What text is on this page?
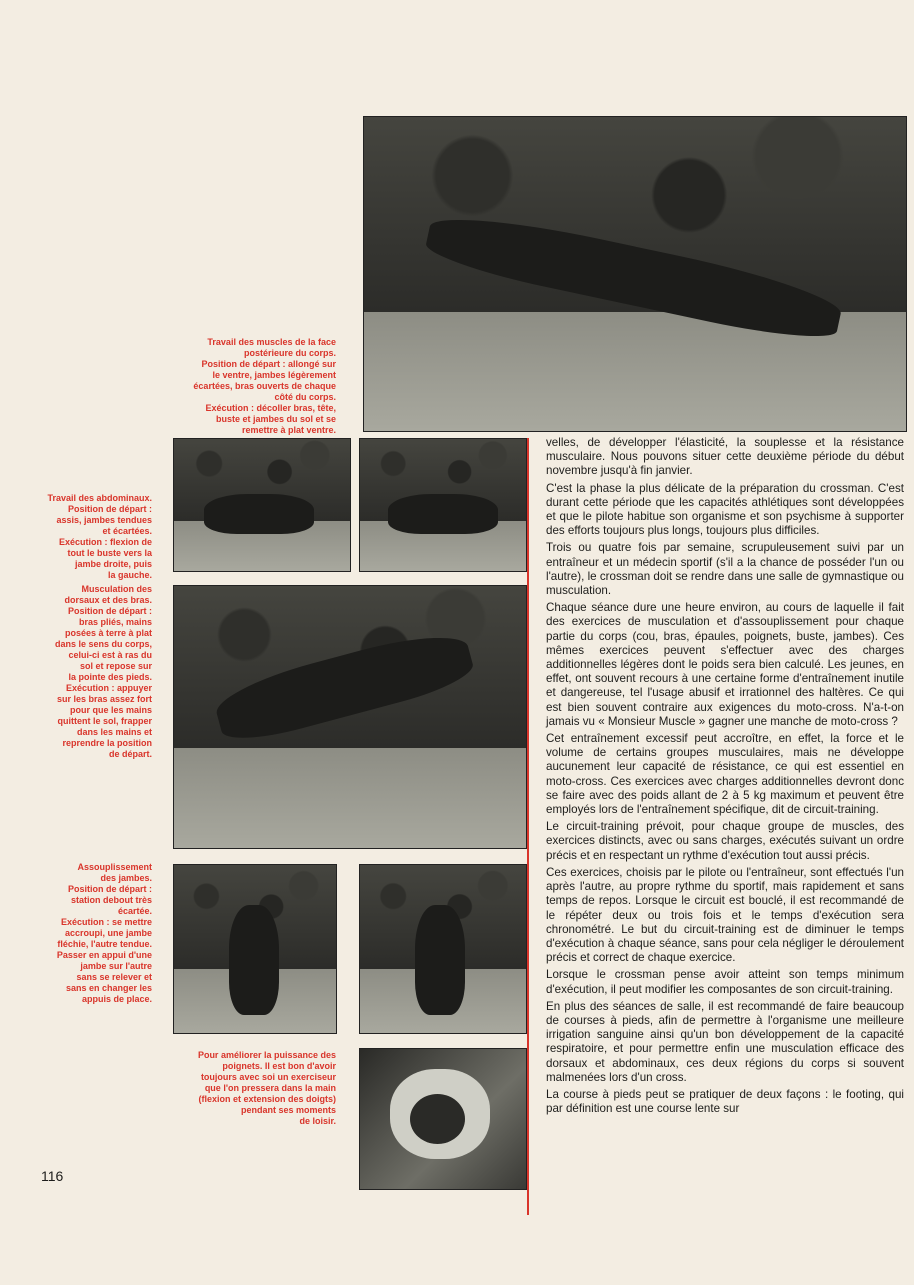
Travail des muscles de la face

postérieure du corps.

Position de départ : allongé sur

le ventre, jambes légèrement

écartées, bras ouverts de chaque

côté du corps.

Exécution : décoller bras, tête,

buste et jambes du sol et se

remettre à plat ventre.

Travail des abdominaux.

Position de départ :

assis, jambes tendues

et écartées.

Exécution : flexion de

tout le buste vers la

jambe droite, puis

la gauche.

Musculation des

dorsaux et des bras.

Position de départ :

bras pliés, mains

posées à terre à plat

dans le sens du corps,

celui-ci est à ras du

sol et repose sur

la pointe des pieds.

Exécution : appuyer

sur les bras assez fort

pour que les mains

quittent le sol, frapper

dans les mains et

reprendre la position

de départ.

Assouplissement

des jambes.

Position de départ :

station debout très

écartée.

Exécution : se mettre

accroupi, une jambe

fléchie, l'autre tendue.

Passer en appui d'une

jambe sur l'autre

sans se relever et

sans en changer les

appuis de place.

Pour améliorer la puissance des

poignets. Il est bon d'avoir

toujours avec soi un exerciseur

que l'on pressera dans la main

(flexion et extension des doigts)

pendant ses moments

de loisir.

velles, de développer l'élasticité, la souplesse et la résistance musculaire. Nous pouvons situer cette deuxième période du début novembre jusqu'à fin janvier.

C'est la phase la plus délicate de la préparation du crossman. C'est durant cette période que les capacités athlétiques sont développées et que le pilote habitue son organisme et son psychisme à supporter des efforts toujours plus longs, toujours plus difficiles.

Trois ou quatre fois par semaine, scrupuleusement suivi par un entraîneur et un médecin sportif (s'il a la chance de posséder l'un ou l'autre), le crossman doit se rendre dans une salle de gymnastique ou musculation.

Chaque séance dure une heure environ, au cours de laquelle il fait des exercices de musculation et d'assouplissement pour chaque partie du corps (cou, bras, épaules, poignets, buste, jambes). Ces mêmes exercices peuvent s'effectuer avec des charges additionnelles légères dont le poids sera bien calculé. Les jeunes, en effet, ont souvent recours à une certaine forme d'entraînement inutile et dangereuse, tel l'usage abusif et irrationnel des haltères. Ce qui est bien souvent contraire aux exigences du moto-cross. N'a-t-on jamais vu « Monsieur Muscle » gagner une manche de moto-cross ?

Cet entraînement excessif peut accroître, en effet, la force et le volume de certains groupes musculaires, mais ne développe aucunement leur capacité de résistance, ce qui est essentiel en moto-cross. Ces exercices avec charges additionnelles devront donc se faire avec des poids allant de 2 à 5 kg maximum et peuvent être employés lors de l'entraînement spécifique, dit de circuit-training.

Le circuit-training prévoit, pour chaque groupe de muscles, des exercices distincts, avec ou sans charges, exécutés suivant un ordre précis et en respectant un rythme d'exécution tout aussi précis.

Ces exercices, choisis par le pilote ou l'entraîneur, sont effectués l'un après l'autre, au propre rythme du sportif, mais rapidement et sans temps de repos. Lorsque le circuit est bouclé, il est recommandé de le répéter deux ou trois fois et le temps d'exécution sera chronométré. Le but du circuit-training est de diminuer le temps d'exécution à chaque séance, sans pour cela négliger le déroulement précis et correct de chaque exercice.

Lorsque le crossman pense avoir atteint son temps minimum d'exécution, il peut modifier les composantes de son circuit-training.

En plus des séances de salle, il est recommandé de faire beaucoup de courses à pieds, afin de permettre à l'organisme une meilleure irrigation sanguine ainsi qu'un bon développement de la capacité respiratoire, et pour permettre enfin une musculation efficace des dorsaux et abdominaux, ces deux régions du corps si souvent malmenées lors d'un cross.

La course à pieds peut se pratiquer de deux façons : le footing, qui par définition est une course lente sur

116
